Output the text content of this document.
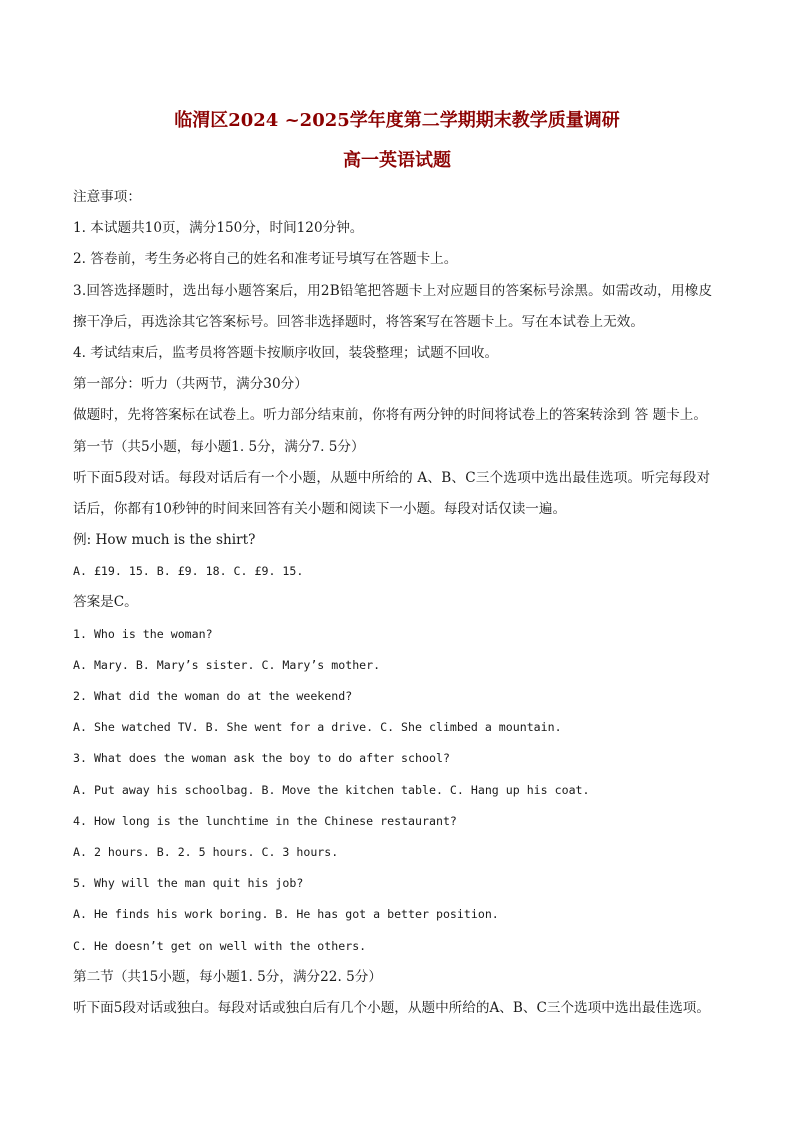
临渭区2024 ~2025学年度第二学期期末教学质量调研
高一英语试题
注意事项：
1. 本试题共10页，满分150分，时间120分钟。
2. 答卷前，考生务必将自己的姓名和准考证号填写在答题卡上。
3.回答选择题时，选出每小题答案后，用2B铅笔把答题卡上对应题目的答案标号涂黑。如需改动，用橡皮
擦干净后，再选涂其它答案标号。回答非选择题时，将答案写在答题卡上。写在本试卷上无效。
4. 考试结束后，监考员将答题卡按顺序收回，装袋整理；试题不回收。
第一部分：听力（共两节，满分30分）
做题时，先将答案标在试卷上。听力部分结束前，你将有两分钟的时间将试卷上的答案转涂到 答 题卡上。
第一节（共5小题，每小题1. 5分，满分7. 5分）
听下面5段对话。每段对话后有一个小题，从题中所给的 A、B、C三个选项中选出最佳选项。听完每段对
话后，你都有10秒钟的时间来回答有关小题和阅读下一小题。每段对话仅读一遍。
例: How much is the shirt?
A. £19. 15. B. £9. 18. C. £9. 15.
答案是C。
1. Who is the woman?
A. Mary. B. Mary’s sister. C. Mary’s mother.
2. What did the woman do at the weekend?
A. She watched TV. B. She went for a drive. C. She climbed a mountain.
3. What does the woman ask the boy to do after school?
A. Put away his schoolbag. B. Move the kitchen table. C. Hang up his coat.
4. How long is the lunchtime in the Chinese restaurant?
A. 2 hours. B. 2. 5 hours. C. 3 hours.
5. Why will the man quit his job?
A. He finds his work boring. B. He has got a better position.
C. He doesn’t get on well with the others.
第二节（共15小题，每小题1. 5分，满分22. 5分）
听下面5段对话或独白。每段对话或独白后有几个小题，从题中所给的A、B、C三个选项中选出最佳选项。
